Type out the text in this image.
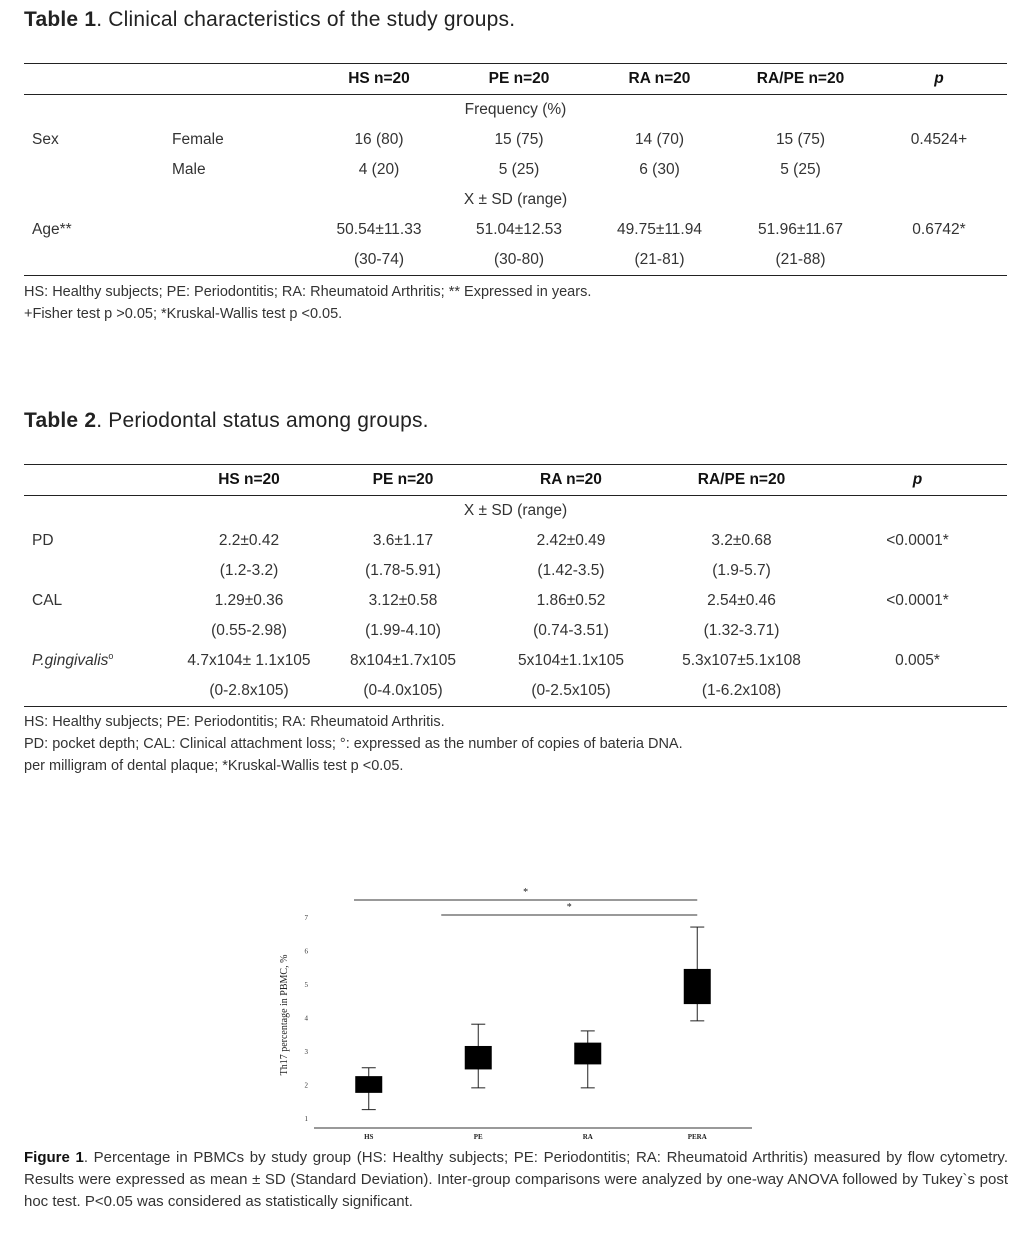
Table 1. Clinical characteristics of the study groups.
		HS n=20	PE n=20	RA n=20	RA/PE n=20	p
Frequency (%)						
Sex	Female	16 (80)	15 (75)	14 (70)	15 (75)	0.4524+
	Male	4 (20)	5 (25)	6 (30)	5 (25)	
X ± SD (range)						
Age**		50.54±11.33	51.04±12.53	49.75±11.94	51.96±11.67	0.6742*
		(30-74)	(30-80)	(21-81)	(21-88)	
HS: Healthy subjects; PE: Periodontitis; RA: Rheumatoid Arthritis; ** Expressed in years.
+Fisher test p >0.05; *Kruskal-Wallis test p <0.05.
Table 2. Periodontal status among groups.
	HS n=20	PE n=20	RA n=20	RA/PE n=20	p
X ± SD (range)					
PD	2.2±0.42	3.6±1.17	2.42±0.49	3.2±0.68	<0.0001*
	(1.2-3.2)	(1.78-5.91)	(1.42-3.5)	(1.9-5.7)	
CAL	1.29±0.36	3.12±0.58	1.86±0.52	2.54±0.46	<0.0001*
	(0.55-2.98)	(1.99-4.10)	(0.74-3.51)	(1.32-3.71)	
P.gingivalis$^o$	4.7x104± 1.1x105	8x104±1.7x105	5x104±1.1x105	5.3x107±5.1x108	0.005*
	(0-2.8x105)	(0-4.0x105)	(0-2.5x105)	(1-6.2x108)	
HS: Healthy subjects; PE: Periodontitis; RA: Rheumatoid Arthritis.
PD: pocket depth; CAL: Clinical attachment loss; °: expressed as the number of copies of bateria DNA.
per milligram of dental plaque; *Kruskal-Wallis test p <0.05.
1
2
3
4
5
6
7
HS	PE	RA	PERA
*
*
Th17 percentage in PBMC, %
Figure 1. Percentage in PBMCs by study group (HS: Healthy subjects; PE: Periodontitis; RA: Rheumatoid Arthritis) measured by flow cytometry. Results were expressed as mean ± SD (Standard Deviation). Inter-group comparisons were analyzed by one-way ANOVA followed by Tukey`s post hoc test. P<0.05 was considered as statistically significant.
